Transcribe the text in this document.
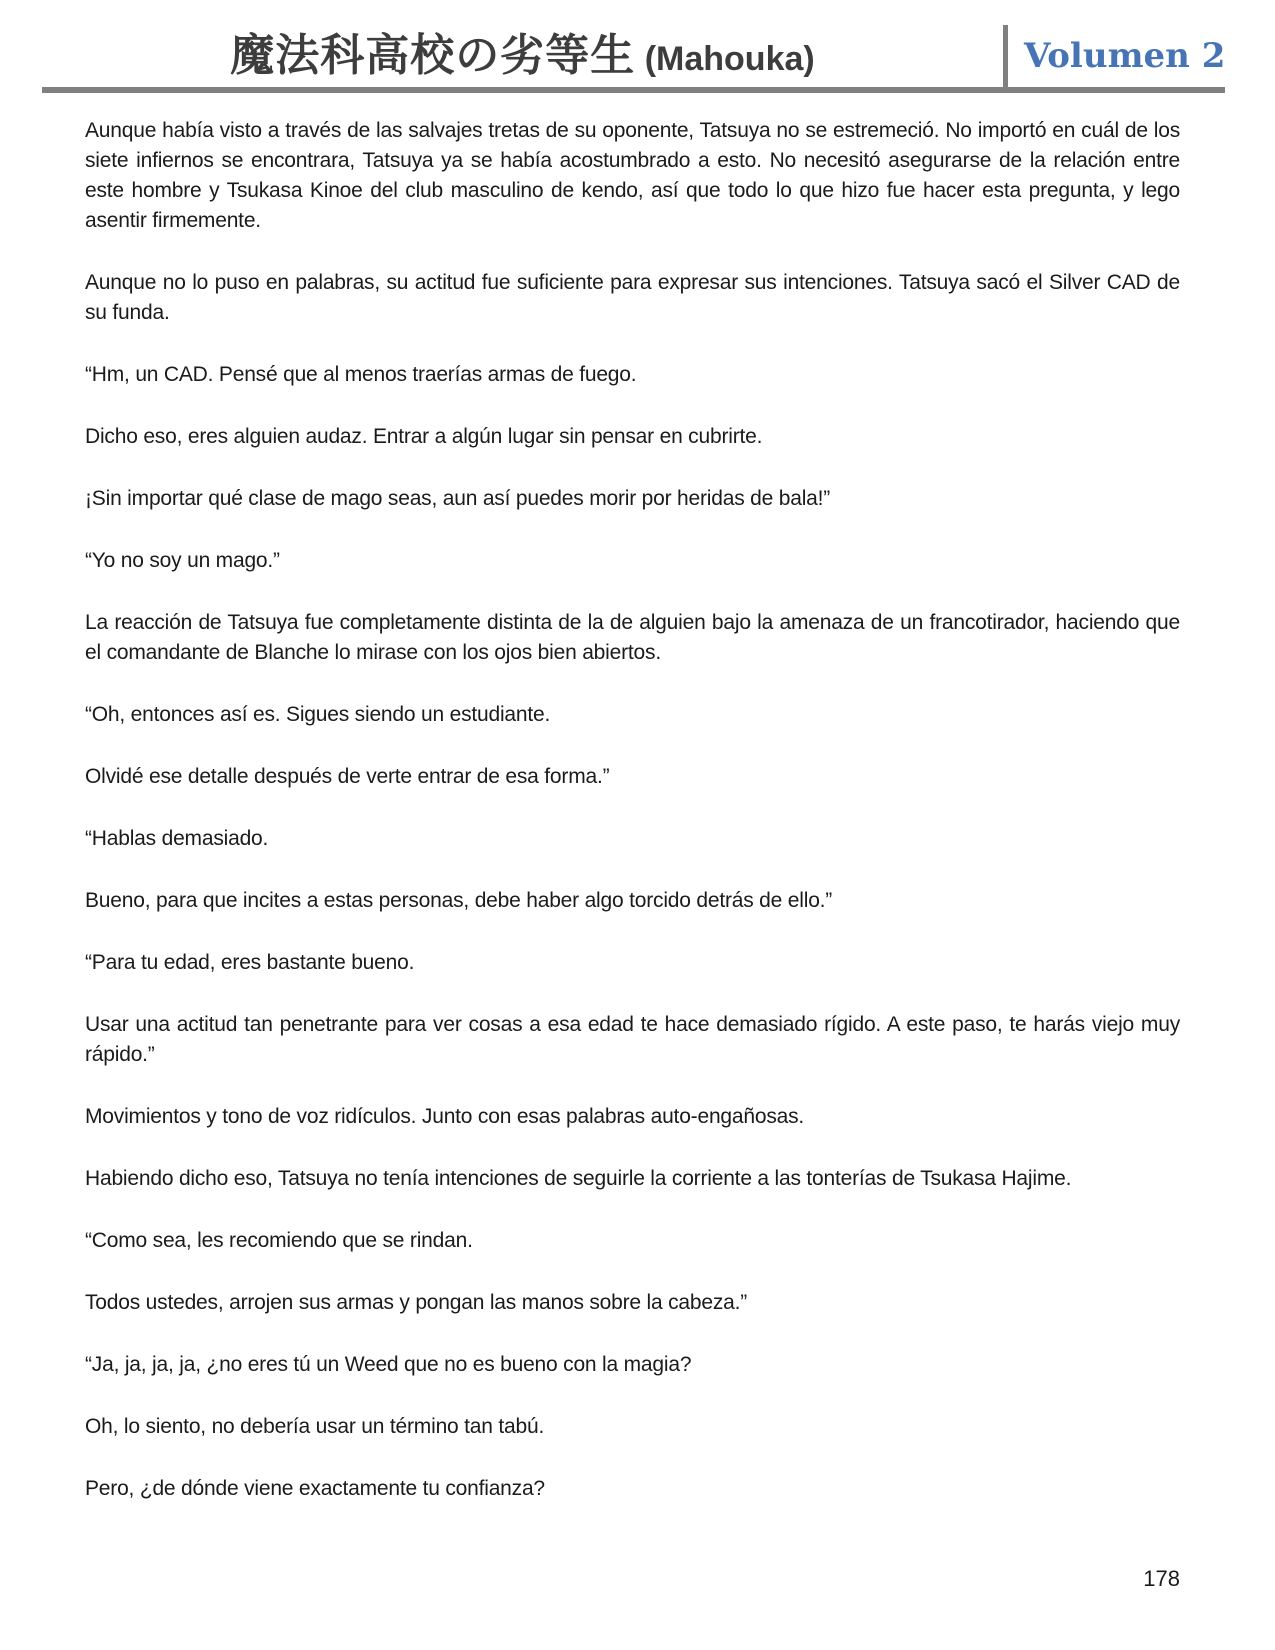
魔法科高校の劣等生 (Mahouka)	Volumen 2

Aunque había visto a través de las salvajes tretas de su oponente, Tatsuya no se estremeció. No importó en cuál de los siete infiernos se encontrara, Tatsuya ya se había acostumbrado a esto. No necesitó asegurarse de la relación entre este hombre y Tsukasa Kinoe del club masculino de kendo, así que todo lo que hizo fue hacer esta pregunta, y lego asentir firmemente.

Aunque no lo puso en palabras, su actitud fue suficiente para expresar sus intenciones. Tatsuya sacó el Silver CAD de su funda.

“Hm, un CAD. Pensé que al menos traerías armas de fuego.

Dicho eso, eres alguien audaz. Entrar a algún lugar sin pensar en cubrirte.

¡Sin importar qué clase de mago seas, aun así puedes morir por heridas de bala!”

“Yo no soy un mago.”

La reacción de Tatsuya fue completamente distinta de la de alguien bajo la amenaza de un francotirador, haciendo que el comandante de Blanche lo mirase con los ojos bien abiertos.

“Oh, entonces así es. Sigues siendo un estudiante.

Olvidé ese detalle después de verte entrar de esa forma.”

“Hablas demasiado.

Bueno, para que incites a estas personas, debe haber algo torcido detrás de ello.”

“Para tu edad, eres bastante bueno.

Usar una actitud tan penetrante para ver cosas a esa edad te hace demasiado rígido. A este paso, te harás viejo muy rápido.”

Movimientos y tono de voz ridículos. Junto con esas palabras auto-engañosas.

Habiendo dicho eso, Tatsuya no tenía intenciones de seguirle la corriente a las tonterías de Tsukasa Hajime.

“Como sea, les recomiendo que se rindan.

Todos ustedes, arrojen sus armas y pongan las manos sobre la cabeza.”

“Ja, ja, ja, ja, ¿no eres tú un Weed que no es bueno con la magia?

Oh, lo siento, no debería usar un término tan tabú.

Pero, ¿de dónde viene exactamente tu confianza?

178
